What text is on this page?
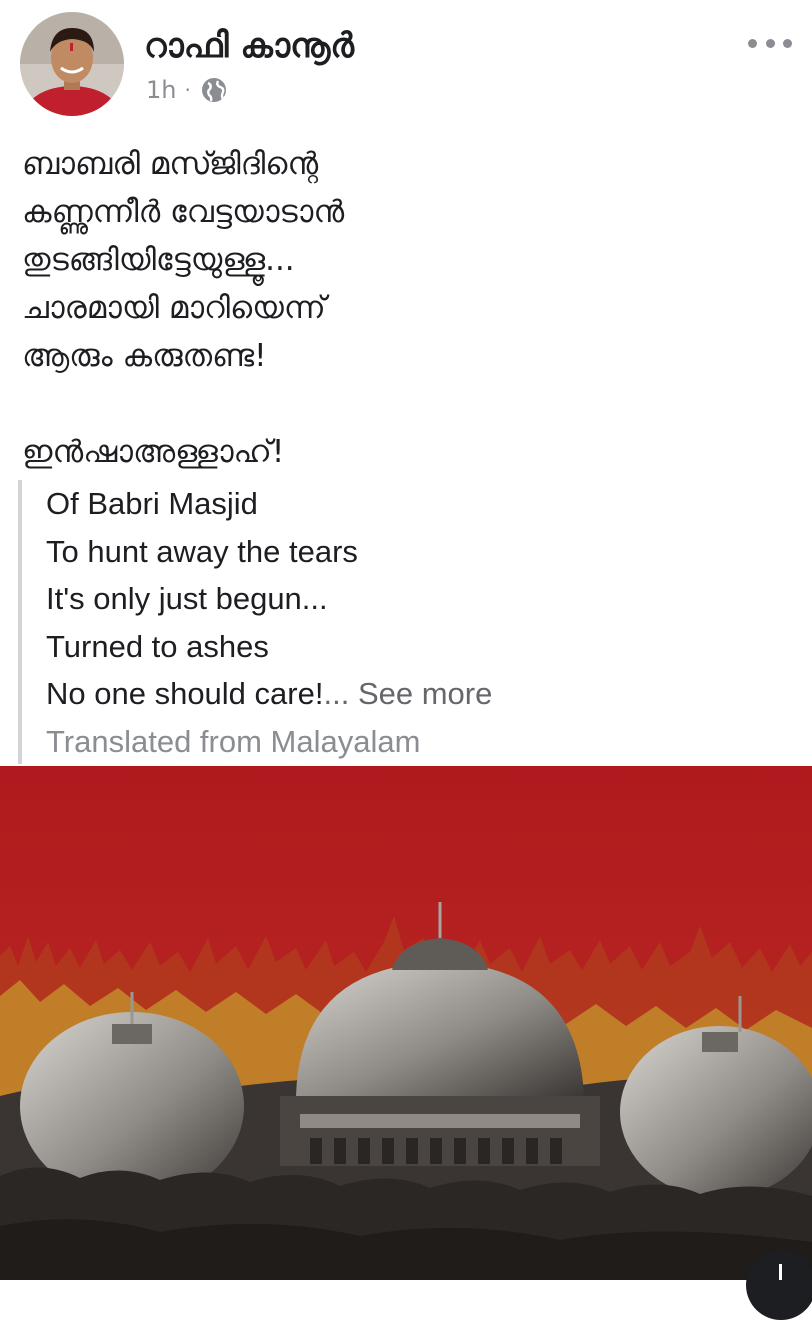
റാഫി കാനൂർ
1h ·
ബാബരി മസ്ജിദിന്റെ
കണ്ണുന്നീർ വേട്ടയാടാൻ
തുടങ്ങിയിട്ടേയുള്ളൂ...
ചാരമായി മാറിയെന്ന്
ആരും കരുതണ്ട!
ഇൻഷാഅള്ളാഹ്!
Of Babri Masjid
To hunt away the tears
It's only just begun...
Turned to ashes
No one should care!... See more
Translated from Malayalam
